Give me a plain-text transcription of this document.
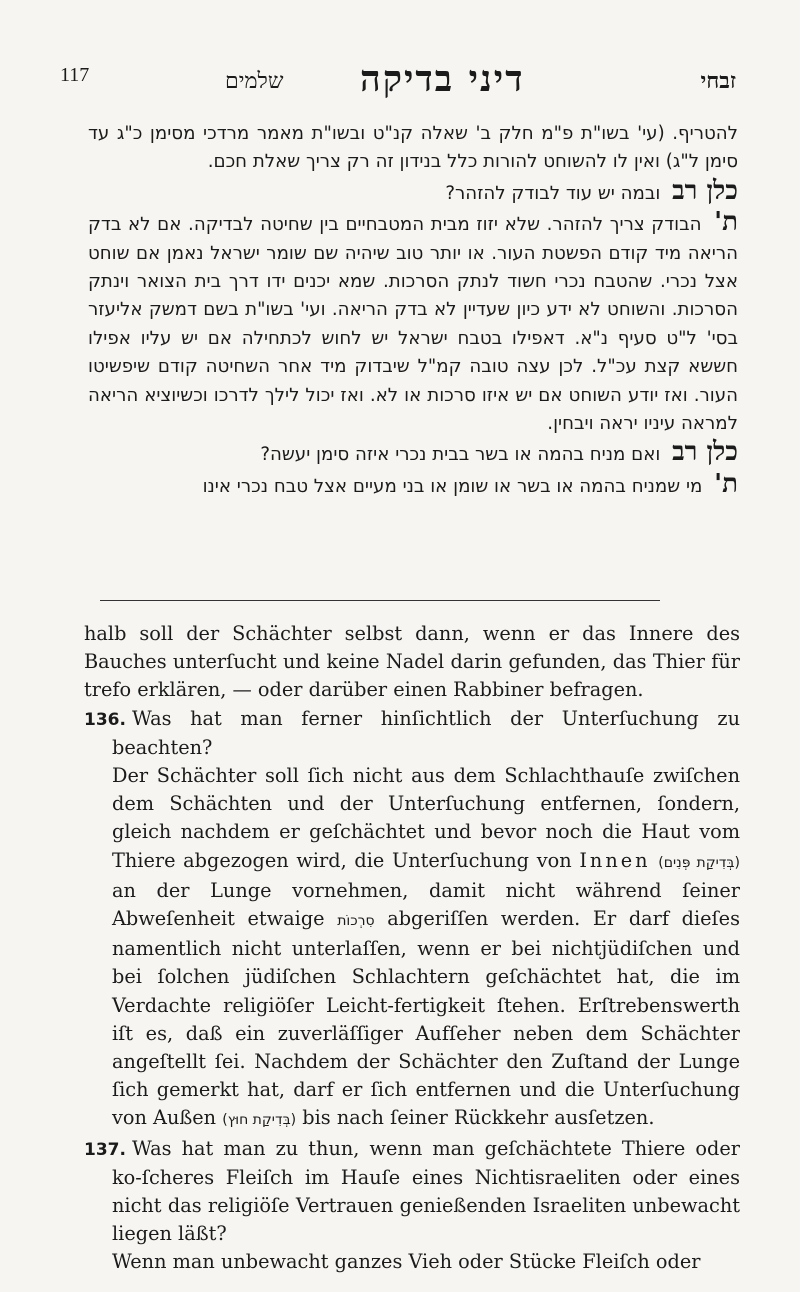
117	שלמים דיני בדיקה	זבחי

להטריף. (עי' בשו"ת פ"מ חלק ב' שאלה קנ"ט ובשו"ת מאמר מרדכי מסימן כ"ג עד סימן ל"ג) ואין לו להשוחט להורות כלל בנידון זה רק צריך שאלת חכם.

כלן רב ובמה יש עוד לבודק להזהר?

ת' הבודק צריך להזהר. שלא יזוז מבית המטבחיים בין שחיטה לבדיקה. אם לא בדק הריאה מיד קודם הפשטת העור. או יותר טוב שיהיה שם שומר ישראל נאמן אם שוחט אצל נכרי. שהטבח נכרי חשוד לנתק הסרכות. שמא יכנים ידו דרך בית הצואר וינתק הסרכות. והשוחט לא ידע כיון שעדיין לא בדק הריאה. ועי' בשו"ת בשם דמשק אליעזר בסי' ל"ט סעיף נ"א. דאפילו בטבח ישראל יש לחוש לכתחילה אם יש עליו אפילו חששא קצת עכ"ל. לכן עצה טובה קמ"ל שיבדוק מיד אחר השחיטה קודם שיפשיטו העור. ואז יודע השוחט אם יש איזו סרכות או לא. ואז יכול לילך לדרכו וכשיוציא הריאה למראה עיניו יראה ויבחין.

כלן רב ואם מניח בהמה או בשר בבית נכרי איזה סימן יעשה?

ת' מי שמניח בהמה או בשר או שומן או בני מעיים אצל טבח נכרי אינו

halb soll der Schächter selbst dann, wenn er das Innere des Bauches unterſucht und keine Nadel darin gefunden, das Thier für trefo erklären, — oder darüber einen Rabbiner befragen.

136. Was hat man ferner hinſichtlich der Unterſuchung zu beachten?

Der Schächter soll ſich nicht aus dem Schlachthauſe zwiſchen dem Schächten und der Unterſuchung entfernen, ſondern, gleich nachdem er geſchächtet und bevor noch die Haut vom Thiere abgezogen wird, die Unterſuchung von Innen (בְּדִיקַת פְּנִים) an der Lunge vornehmen, damit nicht während ſeiner Abweſenheit etwaige סִרְכוֹת abgeriſſen werden. Er darf dieſes namentlich nicht unterlaſſen, wenn er bei nichtjüdiſchen und bei ſolchen jüdiſchen Schlachtern geſchächtet hat, die im Verdachte religiöſer Leicht-fertigkeit ſtehen. Erſtrebenswerth iſt es, daß ein zuverläſſiger Aufſeher neben dem Schächter angeſtellt ſei. Nachdem der Schächter den Zuſtand der Lunge ſich gemerkt hat, darf er ſich entfernen und die Unterſuchung von Außen (בְּדִיקַת חוּץ) bis nach ſeiner Rückkehr ausſetzen.

137. Was hat man zu thun, wenn man geſchächtete Thiere oder ko-ſcheres Fleiſch im Hauſe eines Nichtisraeliten oder eines nicht das religiöſe Vertrauen genießenden Israeliten unbewacht liegen läßt?

Wenn man unbewacht ganzes Vieh oder Stücke Fleiſch oder
